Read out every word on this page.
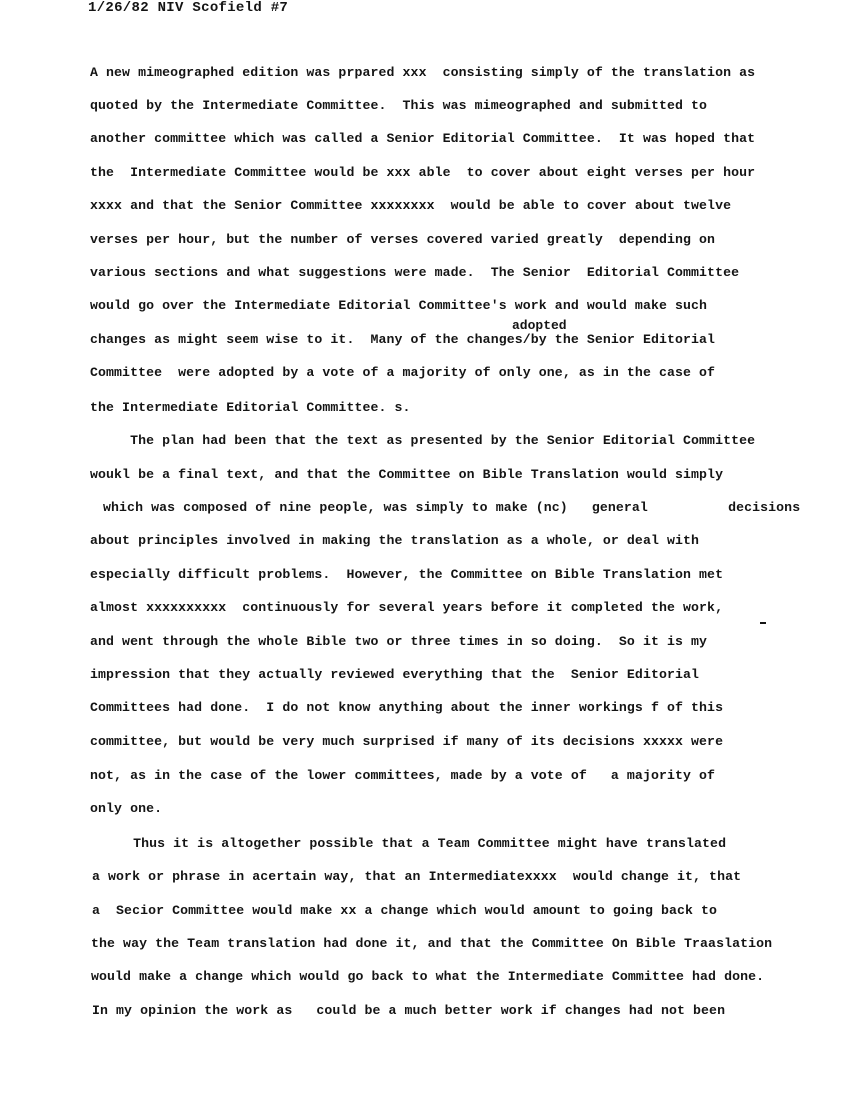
1/26/82 NIV Scofield #7
adopted
A new mimeographed edition was prpared xxx  consisting simply of the translation as
quoted by the Intermediate Committee.  This was mimeographed and submitted to
another committee which was called a Senior Editorial Committee.  It was hoped that
the  Intermediate Committee would be xxx able  to cover about eight verses per hour
xxxx and that the Senior Committee xxxxxxxx  would be able to cover about twelve
verses per hour, but the number of verses covered varied greatly  depending on
various sections and what suggestions were made.  The Senior  Editorial Committee
would go over the Intermediate Editorial Committee's work and would make such
changes as might seem wise to it.  Many of the changes/by the Senior Editorial
Committee  were adopted by a vote of a majority of only one, as in the case of
the Intermediate Editorial Committee. s.
The plan had been that the text as presented by the Senior Editorial Committee
woukl be a final text, and that the Committee on Bible Translation would simply
which was composed of nine people, was simply to make (nc)   general          decisions
about principles involved in making the translation as a whole, or deal with
especially difficult problems.  However, the Committee on Bible Translation met
almost xxxxxxxxxx  continuously for several years before it completed the work,
and went through the whole Bible two or three times in so doing.  So it is my
impression that they actually reviewed everything that the  Senior Editorial
Committees had done.  I do not know anything about the inner workings f of this
committee, but would be very much surprised if many of its decisions xxxxx were
not, as in the case of the lower committees, made by a vote of   a majority of
only one.
Thus it is altogether possible that a Team Committee might have translated
a work or phrase in acertain way, that an Intermediatexxxx  would change it, that
a  Secior Committee would make xx a change which would amount to going back to
the way the Team translation had done it, and that the Committee On Bible Traaslation
would make a change which would go back to what the Intermediate Committee had done.
In my opinion the work as   could be a much better work if changes had not been
